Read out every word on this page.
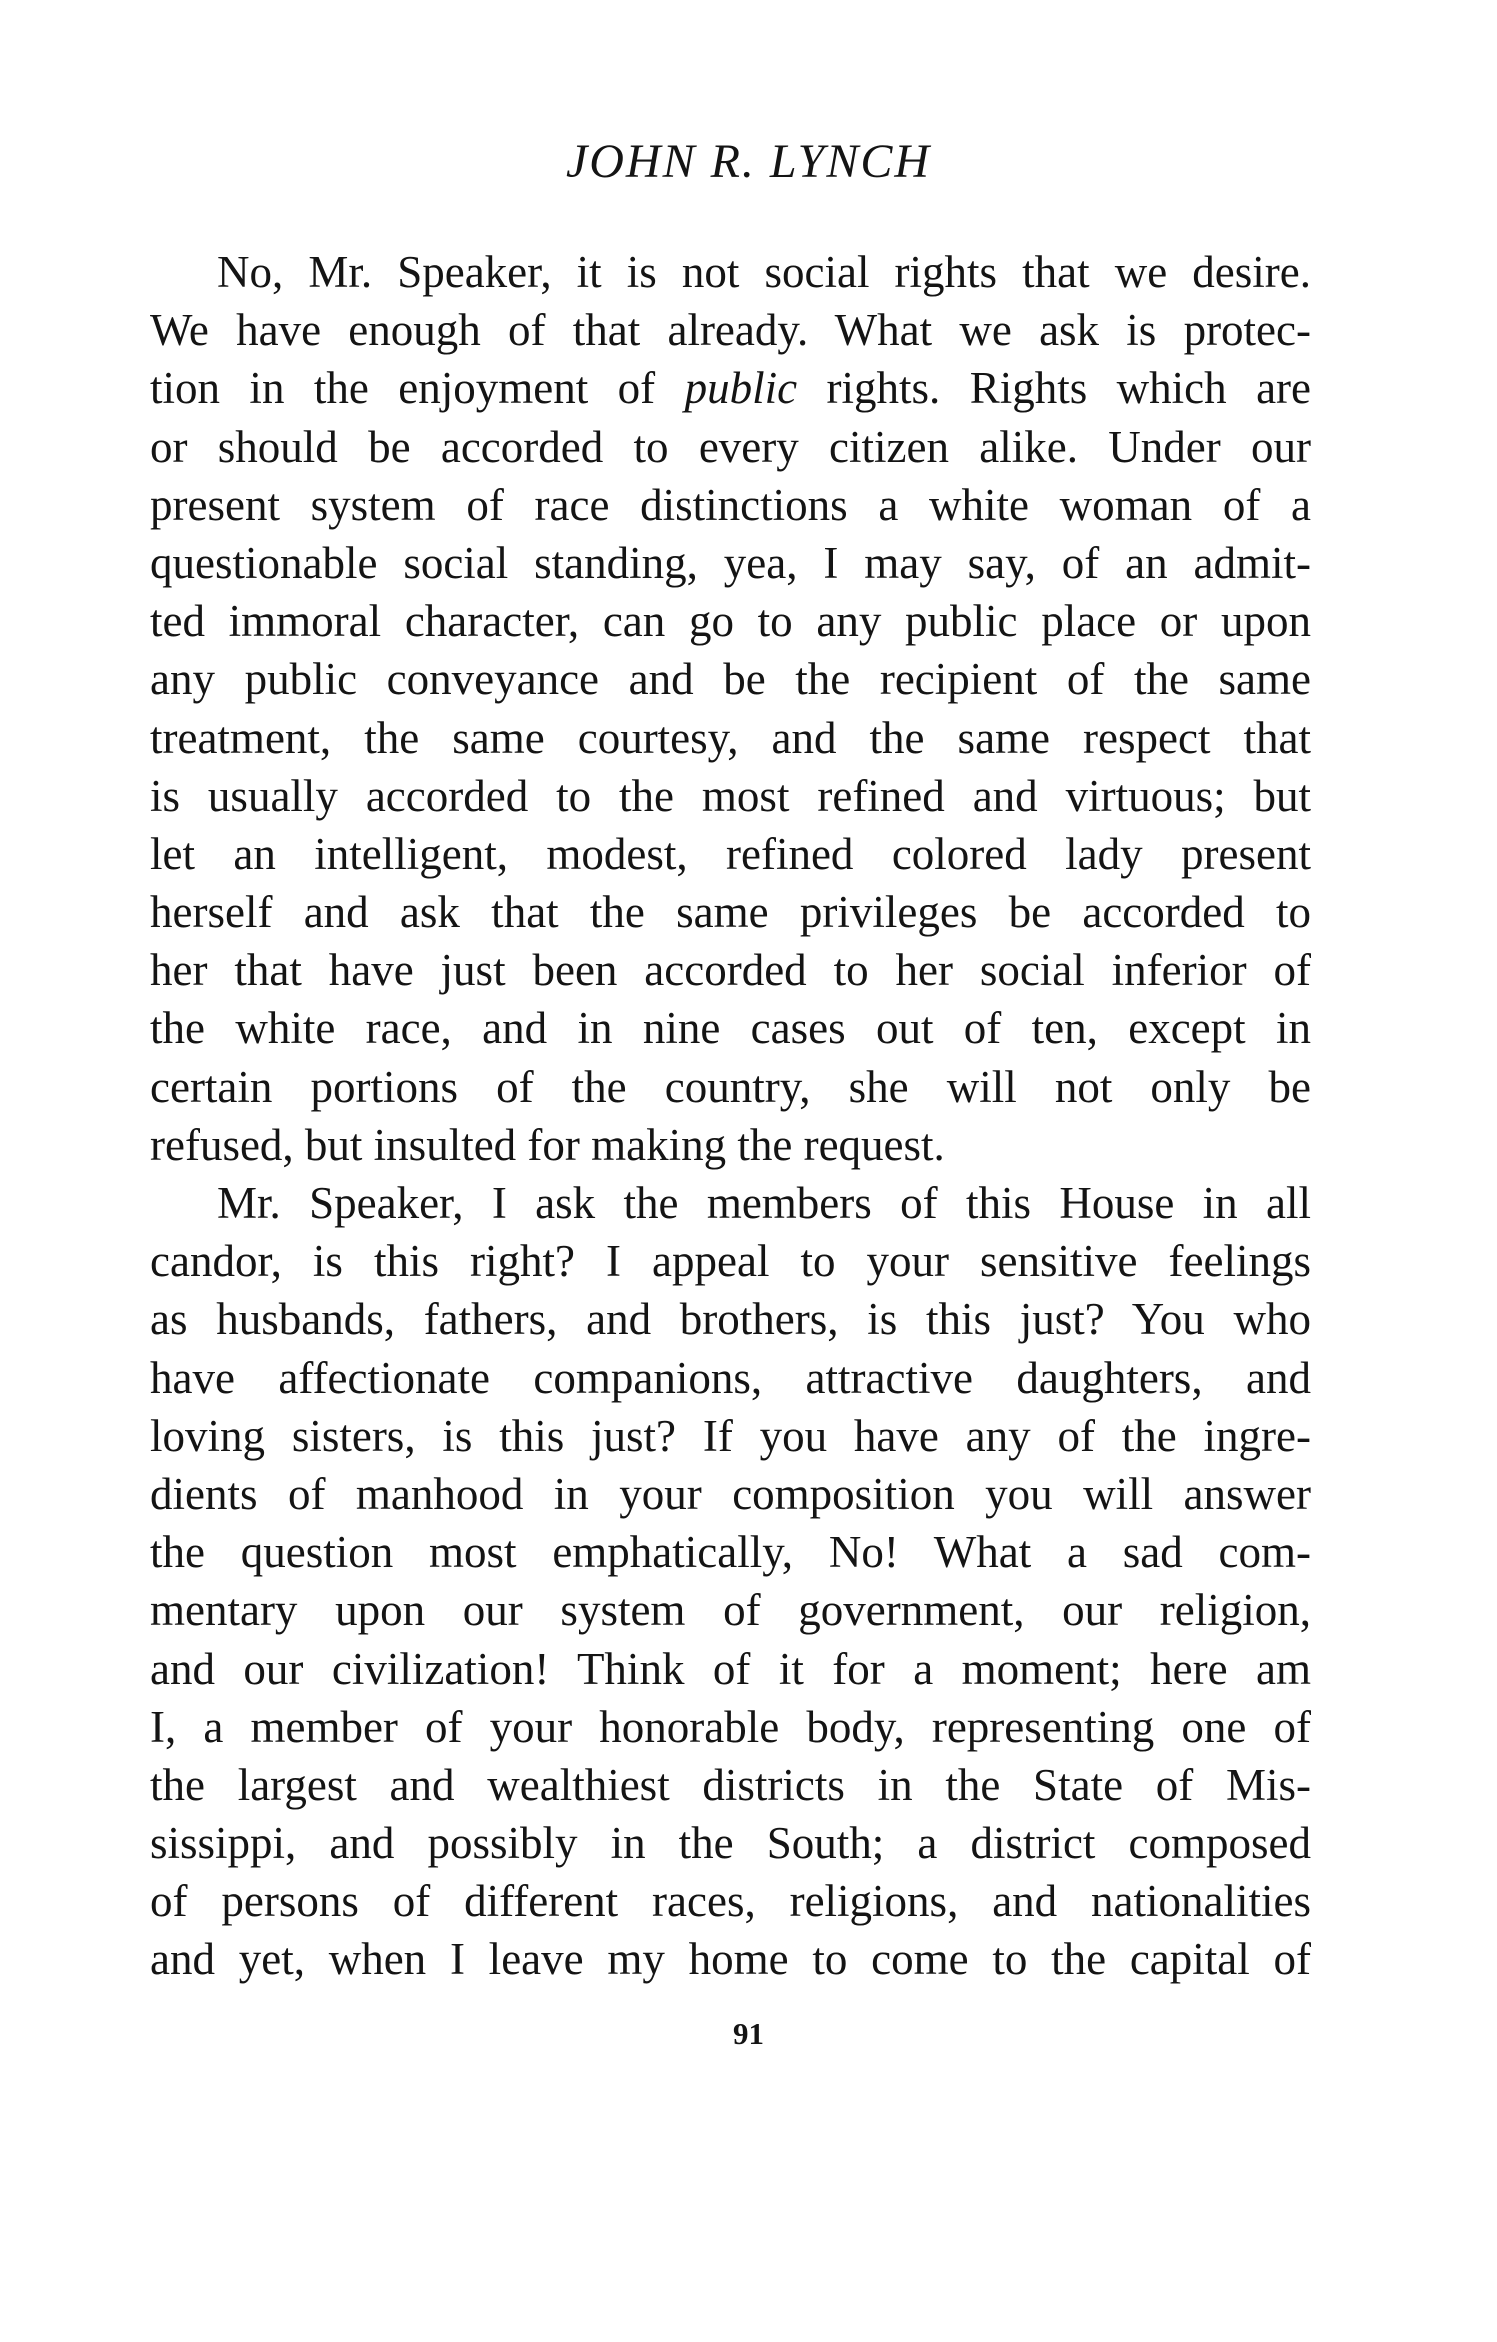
JOHN R. LYNCH
No, Mr. Speaker, it is not social rights that we desire.
We have enough of that already. What we ask is protec-
tion in the enjoyment of public rights. Rights which are
or should be accorded to every citizen alike. Under our
present system of race distinctions a white woman of a
questionable social standing, yea, I may say, of an admit-
ted immoral character, can go to any public place or upon
any public conveyance and be the recipient of the same
treatment, the same courtesy, and the same respect that
is usually accorded to the most refined and virtuous; but
let an intelligent, modest, refined colored lady present
herself and ask that the same privileges be accorded to
her that have just been accorded to her social inferior of
the white race, and in nine cases out of ten, except in
certain portions of the country, she will not only be
refused, but insulted for making the request.
Mr. Speaker, I ask the members of this House in all
candor, is this right? I appeal to your sensitive feelings
as husbands, fathers, and brothers, is this just? You who
have affectionate companions, attractive daughters, and
loving sisters, is this just? If you have any of the ingre-
dients of manhood in your composition you will answer
the question most emphatically, No! What a sad com-
mentary upon our system of government, our religion,
and our civilization! Think of it for a moment; here am
I, a member of your honorable body, representing one of
the largest and wealthiest districts in the State of Mis-
sissippi, and possibly in the South; a district composed
of persons of different races, religions, and nationalities
and yet, when I leave my home to come to the capital of
91
